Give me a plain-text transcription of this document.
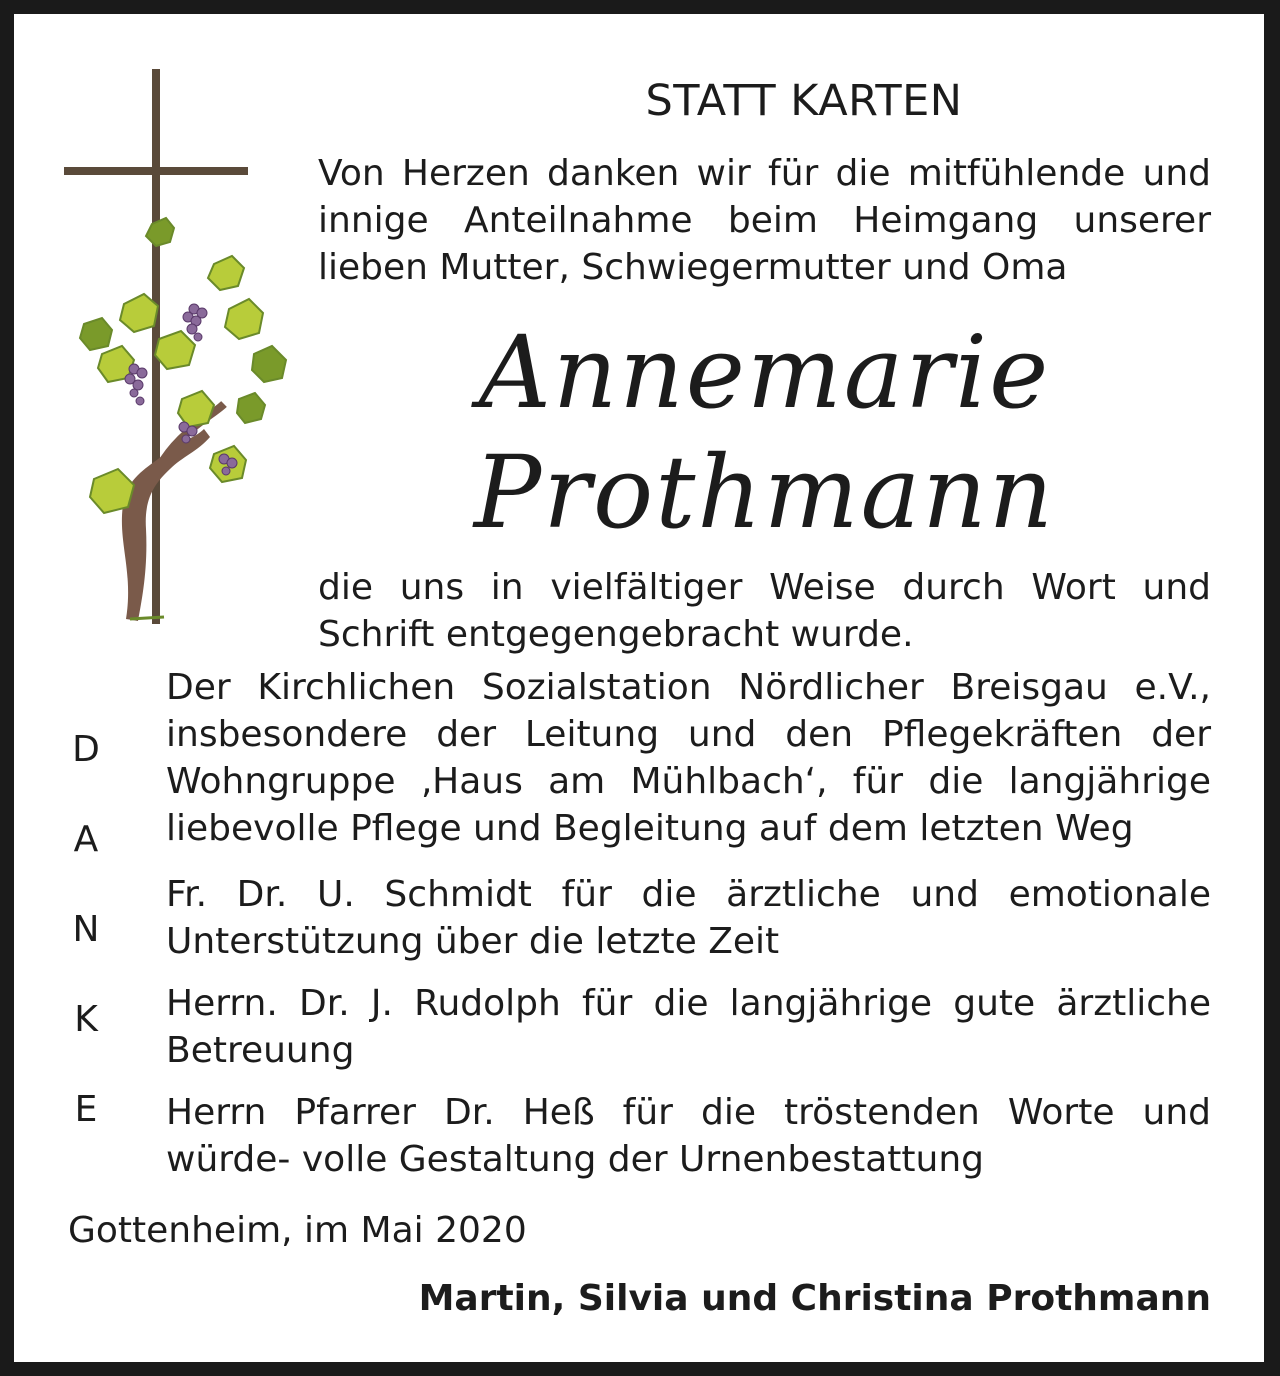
STATT KARTEN
Von Herzen danken wir für die mitfühlende und innige Anteilnahme beim Heimgang unserer lieben Mutter, Schwiegermutter und Oma
Annemarie
Prothmann
die uns in vielfältiger Weise durch Wort und Schrift entgegengebracht wurde.
D
A
N
K
E
Der Kirchlichen Sozialstation Nördlicher Breisgau e.V., insbesondere der Leitung und den Pflegekräften der Wohngruppe ‚Haus am Mühlbach‘, für die langjährige liebevolle Pflege und Begleitung auf dem letzten Weg
Fr. Dr. U. Schmidt für die ärztliche und emotionale Unterstützung über die letzte Zeit
Herrn. Dr. J. Rudolph für die langjährige gute ärztliche Betreuung
Herrn Pfarrer Dr. Heß für die tröstenden Worte und würde- volle Gestaltung der Urnenbestattung
Gottenheim, im Mai 2020
Martin, Silvia und Christina Prothmann
